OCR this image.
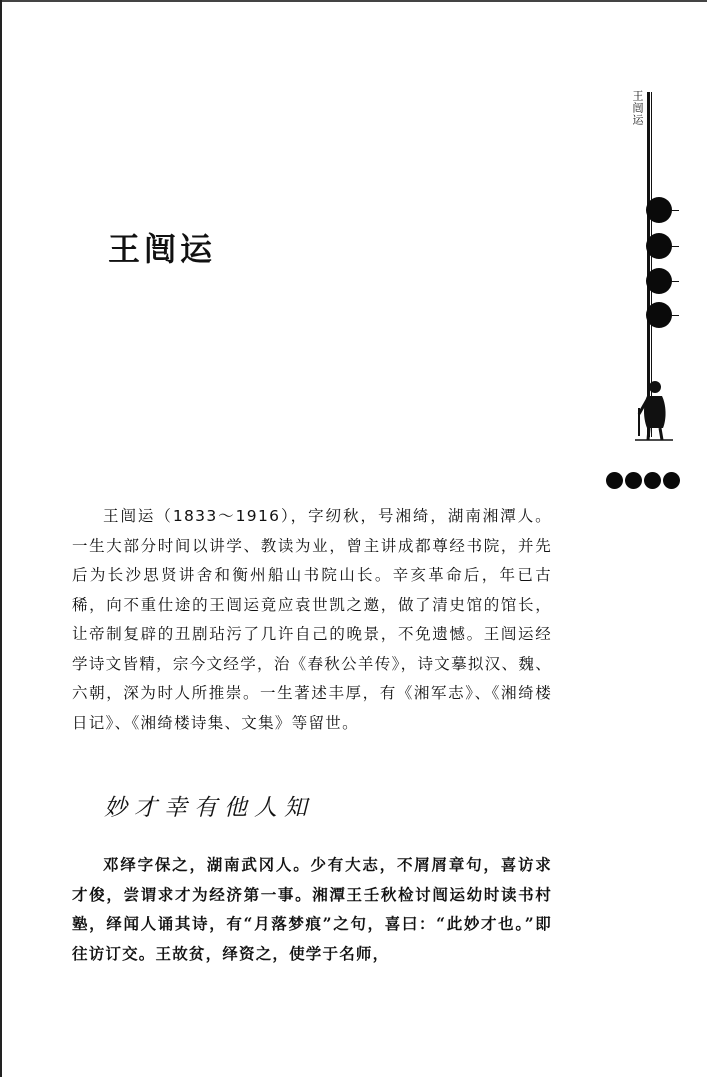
王闿运
王闿运

王闿运（1833～1916），字纫秋，号湘绮，湖南湘潭人。一生大部分时间以讲学、教读为业，曾主讲成都尊经书院，并先后为长沙思贤讲舍和衡州船山书院山长。辛亥革命后，年已古稀，向不重仕途的王闿运竟应袁世凯之邀，做了清史馆的馆长，让帝制复辟的丑剧玷污了几许自己的晚景，不免遗憾。王闿运经学诗文皆精，宗今文经学，治《春秋公羊传》，诗文摹拟汉、魏、六朝，深为时人所推崇。一生著述丰厚，有《湘军志》、《湘绮楼日记》、《湘绮楼诗集、文集》等留世。

妙才幸有他人知

邓绎字保之，湖南武冈人。少有大志，不屑屑章句，喜访求才俊，尝谓求才为经济第一事。湘潭王壬秋检讨闿运幼时读书村塾，绎闻人诵其诗，有“月落梦痕”之句，喜曰：“此妙才也。”即往访订交。王故贫，绎资之，使学于名师，
